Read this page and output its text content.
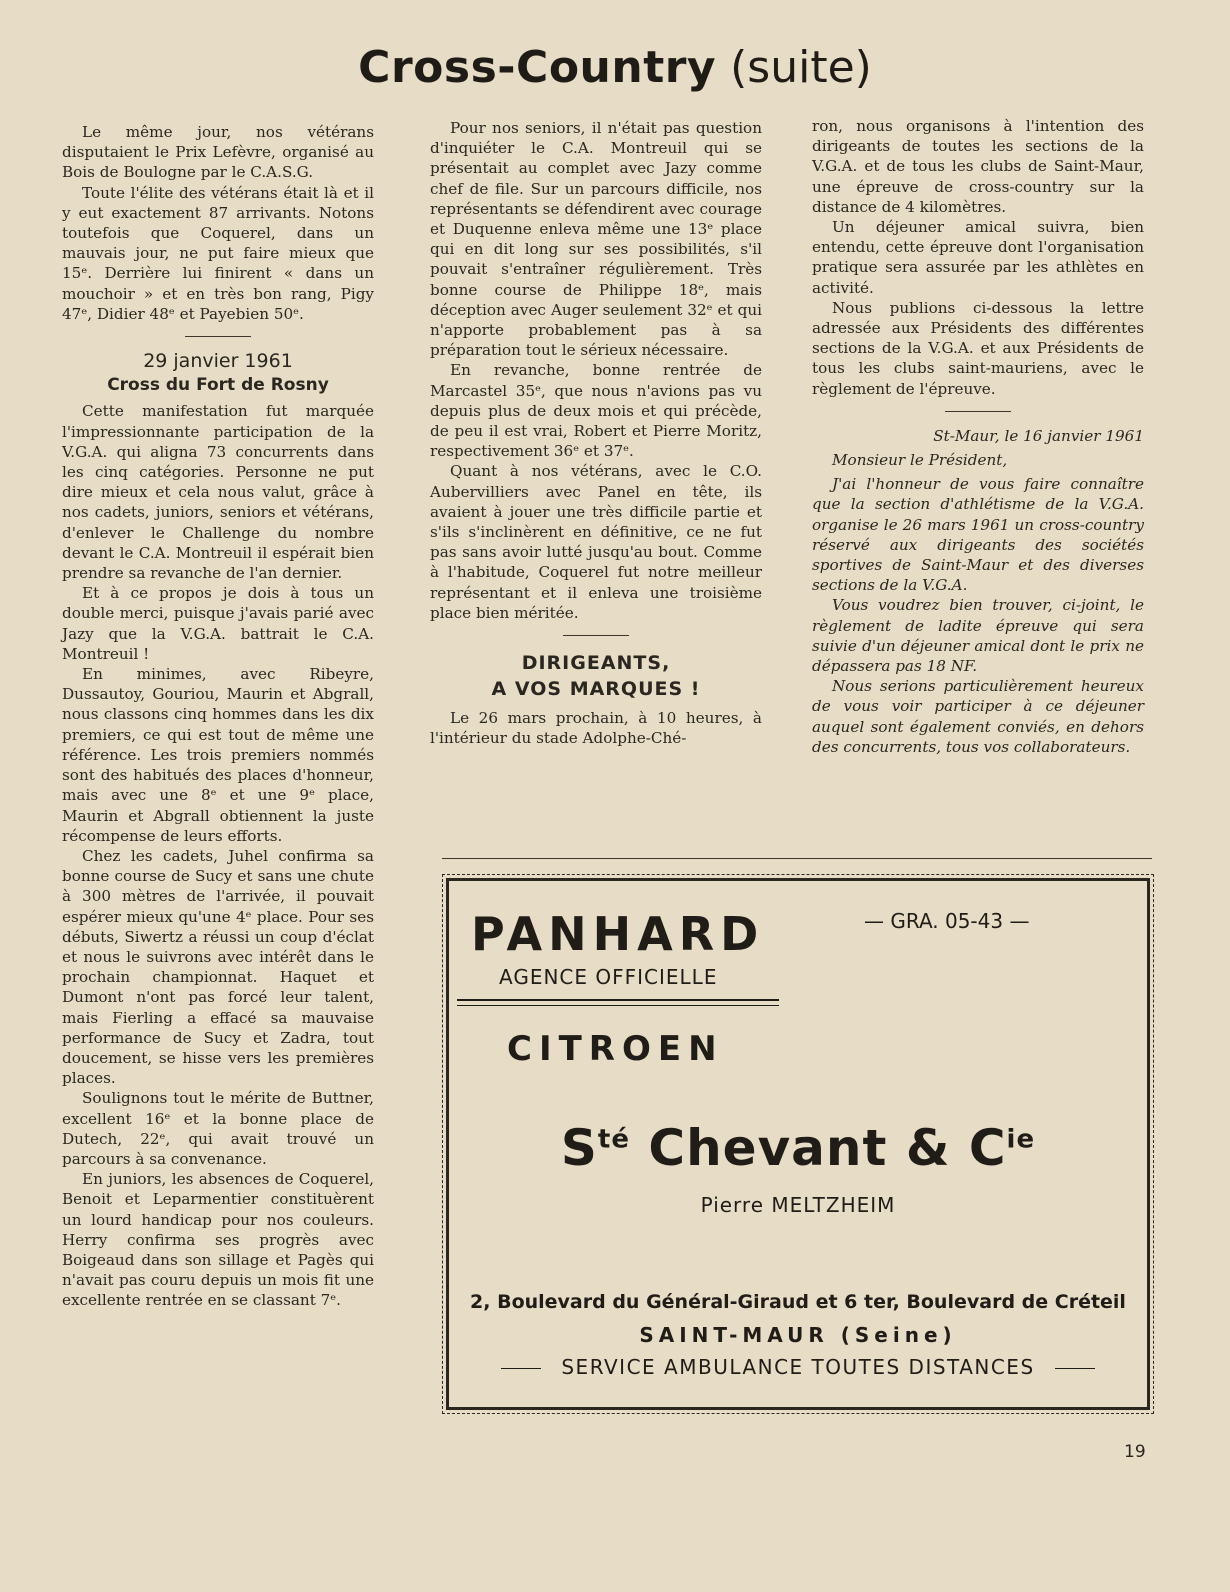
Cross-Country (suite)

Le même jour, nos vétérans disputaient le Prix Lefèvre, organisé au Bois de Boulogne par le C.A.S.G.

Toute l'élite des vétérans était là et il y eut exactement 87 arrivants. Notons toutefois que Coquerel, dans un mauvais jour, ne put faire mieux que 15ᵉ. Derrière lui finirent « dans un mouchoir » et en très bon rang, Pigy 47ᵉ, Didier 48ᵉ et Payebien 50ᵉ.

29 janvier 1961
Cross du Fort de Rosny

Cette manifestation fut marquée l'impressionnante participation de la V.G.A. qui aligna 73 concurrents dans les cinq catégories. Personne ne put dire mieux et cela nous valut, grâce à nos cadets, juniors, seniors et vétérans, d'enlever le Challenge du nombre devant le C.A. Montreuil il espérait bien prendre sa revanche de l'an dernier.

Et à ce propos je dois à tous un double merci, puisque j'avais parié avec Jazy que la V.G.A. battrait le C.A. Montreuil !

En minimes, avec Ribeyre, Dussautoy, Gouriou, Maurin et Abgrall, nous classons cinq hommes dans les dix premiers, ce qui est tout de même une référence. Les trois premiers nommés sont des habitués des places d'honneur, mais avec une 8ᵉ et une 9ᵉ place, Maurin et Abgrall obtiennent la juste récompense de leurs efforts.

Chez les cadets, Juhel confirma sa bonne course de Sucy et sans une chute à 300 mètres de l'arrivée, il pouvait espérer mieux qu'une 4ᵉ place. Pour ses débuts, Siwertz a réussi un coup d'éclat et nous le suivrons avec intérêt dans le prochain championnat. Haquet et Dumont n'ont pas forcé leur talent, mais Fierling a effacé sa mauvaise performance de Sucy et Zadra, tout doucement, se hisse vers les premières places.

Soulignons tout le mérite de Buttner, excellent 16ᵉ et la bonne place de Dutech, 22ᵉ, qui avait trouvé un parcours à sa convenance.

En juniors, les absences de Coquerel, Benoit et Leparmentier constituèrent un lourd handicap pour nos couleurs. Herry confirma ses progrès avec Boigeaud dans son sillage et Pagès qui n'avait pas couru depuis un mois fit une excellente rentrée en se classant 7ᵉ.

Pour nos seniors, il n'était pas question d'inquiéter le C.A. Montreuil qui se présentait au complet avec Jazy comme chef de file. Sur un parcours difficile, nos représentants se défendirent avec courage et Duquenne enleva même une 13ᵉ place qui en dit long sur ses possibilités, s'il pouvait s'entraîner régulièrement. Très bonne course de Philippe 18ᵉ, mais déception avec Auger seulement 32ᵉ et qui n'apporte probablement pas à sa préparation tout le sérieux nécessaire.

En revanche, bonne rentrée de Marcastel 35ᵉ, que nous n'avions pas vu depuis plus de deux mois et qui précède, de peu il est vrai, Robert et Pierre Moritz, respectivement 36ᵉ et 37ᵉ.

Quant à nos vétérans, avec le C.O. Aubervilliers avec Panel en tête, ils avaient à jouer une très difficile partie et s'ils s'inclinèrent en définitive, ce ne fut pas sans avoir lutté jusqu'au bout. Comme à l'habitude, Coquerel fut notre meilleur représentant et il enleva une troisième place bien méritée.

DIRIGEANTS,
A VOS MARQUES !

Le 26 mars prochain, à 10 heures, à l'intérieur du stade Adolphe-Ché-

ron, nous organisons à l'intention des dirigeants de toutes les sections de la V.G.A. et de tous les clubs de Saint-Maur, une épreuve de cross-country sur la distance de 4 kilomètres.

Un déjeuner amical suivra, bien entendu, cette épreuve dont l'organisation pratique sera assurée par les athlètes en activité.

Nous publions ci-dessous la lettre adressée aux Présidents des différentes sections de la V.G.A. et aux Présidents de tous les clubs saint-mauriens, avec le règlement de l'épreuve.

St-Maur, le 16 janvier 1961

Monsieur le Président,

J'ai l'honneur de vous faire connaître que la section d'athlétisme de la V.G.A. organise le 26 mars 1961 un cross-country réservé aux dirigeants des sociétés sportives de Saint-Maur et des diverses sections de la V.G.A.

Vous voudrez bien trouver, ci-joint, le règlement de ladite épreuve qui sera suivie d'un déjeuner amical dont le prix ne dépassera pas 18 NF.

Nous serions particulièrement heureux de vous voir participer à ce déjeuner auquel sont également conviés, en dehors des concurrents, tous vos collaborateurs.

PANHARD
AGENCE OFFICIELLE
— GRA. 05-43 —
CITROEN
$S^{té}$ Chevant & $C^{ie}$
Pierre MELTZHEIM
2, Boulevard du Général-Giraud et 6 ter, Boulevard de Créteil
SAINT-MAUR (Seine)
SERVICE AMBULANCE TOUTES DISTANCES
19
